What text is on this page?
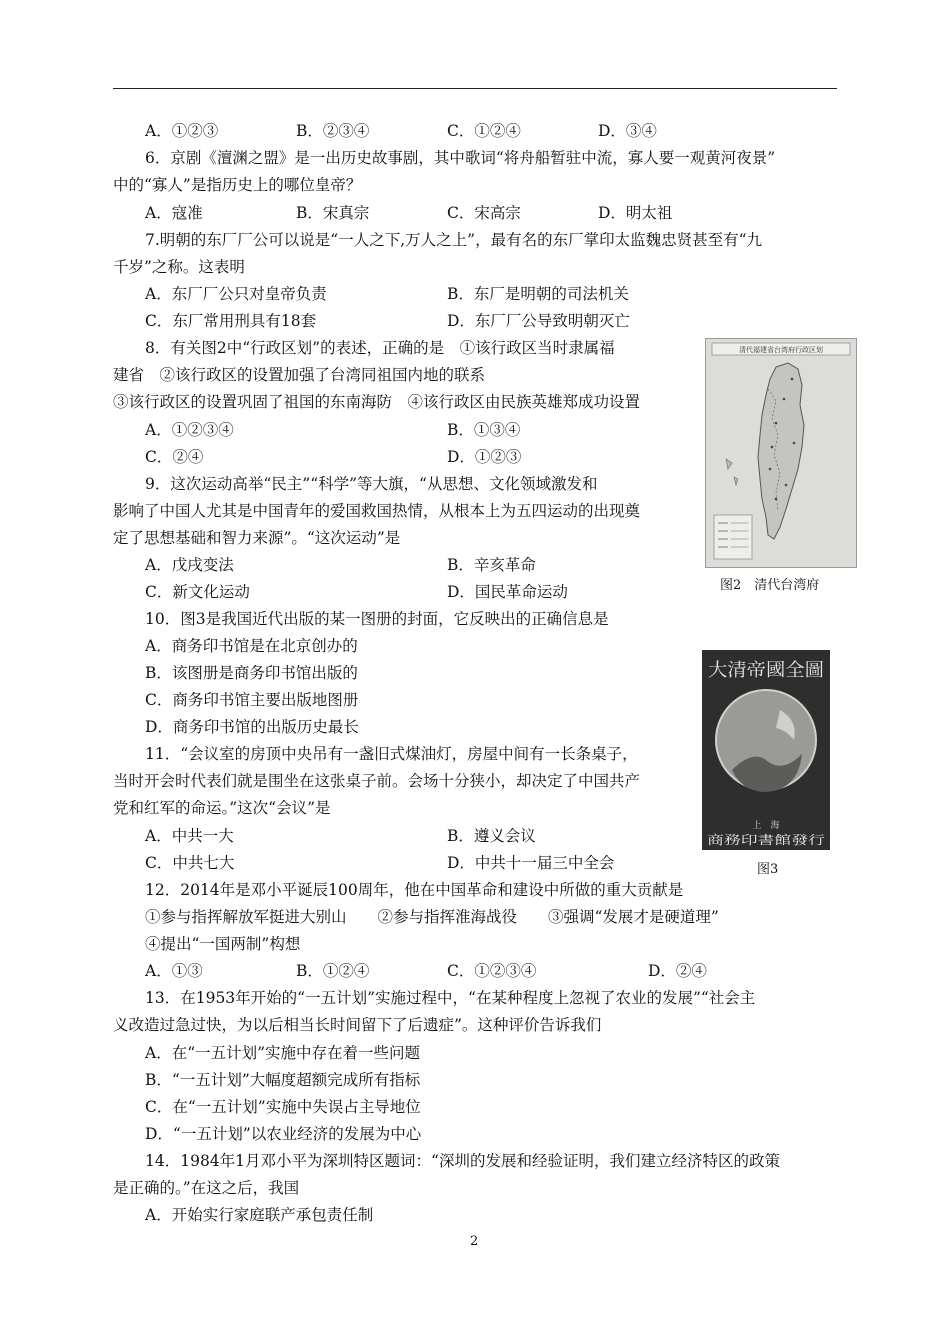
A．①②③	B．②③④	C．①②④	D．③④
6．京剧《澶渊之盟》是一出历史故事剧，其中歌词“将舟船暂驻中流，寡人要一观黄河夜景”
中的“寡人”是指历史上的哪位皇帝？
A．寇准	B．宋真宗	C．宋高宗	D．明太祖
7.明朝的东厂厂公可以说是“一人之下,万人之上”，最有名的东厂掌印太监魏忠贤甚至有“九
千岁”之称。这表明
A．东厂厂公只对皇帝负责	B．东厂是明朝的司法机关
C．东厂常用刑具有18套	D．东厂厂公导致明朝灭亡
8．有关图2中“行政区划”的表述，正确的是　①该行政区当时隶属福
建省　②该行政区的设置加强了台湾同祖国内地的联系
③该行政区的设置巩固了祖国的东南海防　④该行政区由民族英雄郑成功设置
A．①②③④	B．①③④
C．②④	D．①②③
9．这次运动高举“民主”“科学”等大旗，“从思想、文化领域激发和
影响了中国人尤其是中国青年的爱国救国热情，从根本上为五四运动的出现奠
定了思想基础和智力来源”。“这次运动”是
A．戊戌变法	B．辛亥革命
C．新文化运动	D．国民革命运动
清代福建省台湾府行政区划
图2　清代台湾府
10．图3是我国近代出版的某一图册的封面，它反映出的正确信息是
A．商务印书馆是在北京创办的
B．该图册是商务印书馆出版的
C．商务印书馆主要出版地图册
D．商务印书馆的出版历史最长
大清帝國全圖
上　海
商務印書館發行
图3
11．“会议室的房顶中央吊有一盏旧式煤油灯，房屋中间有一长条桌子，
当时开会时代表们就是围坐在这张桌子前。会场十分狭小，却决定了中国共产
党和红军的命运。”这次“会议”是
A．中共一大	B．遵义会议
C．中共七大	D．中共十一届三中全会
12．2014年是邓小平诞辰100周年，他在中国革命和建设中所做的重大贡献是
①参与指挥解放军挺进大别山　　②参与指挥淮海战役　　③强调“发展才是硬道理”
④提出“一国两制”构想
A．①③	B．①②④	C．①②③④	D．②④
13．在1953年开始的“一五计划”实施过程中，“在某种程度上忽视了农业的发展”“社会主
义改造过急过快，为以后相当长时间留下了后遗症”。这种评价告诉我们
A．在“一五计划”实施中存在着一些问题
B．“一五计划”大幅度超额完成所有指标
C．在“一五计划”实施中失误占主导地位
D．“一五计划”以农业经济的发展为中心
14．1984年1月邓小平为深圳特区题词：“深圳的发展和经验证明，我们建立经济特区的政策
是正确的。”在这之后，我国
A．开始实行家庭联产承包责任制
2
